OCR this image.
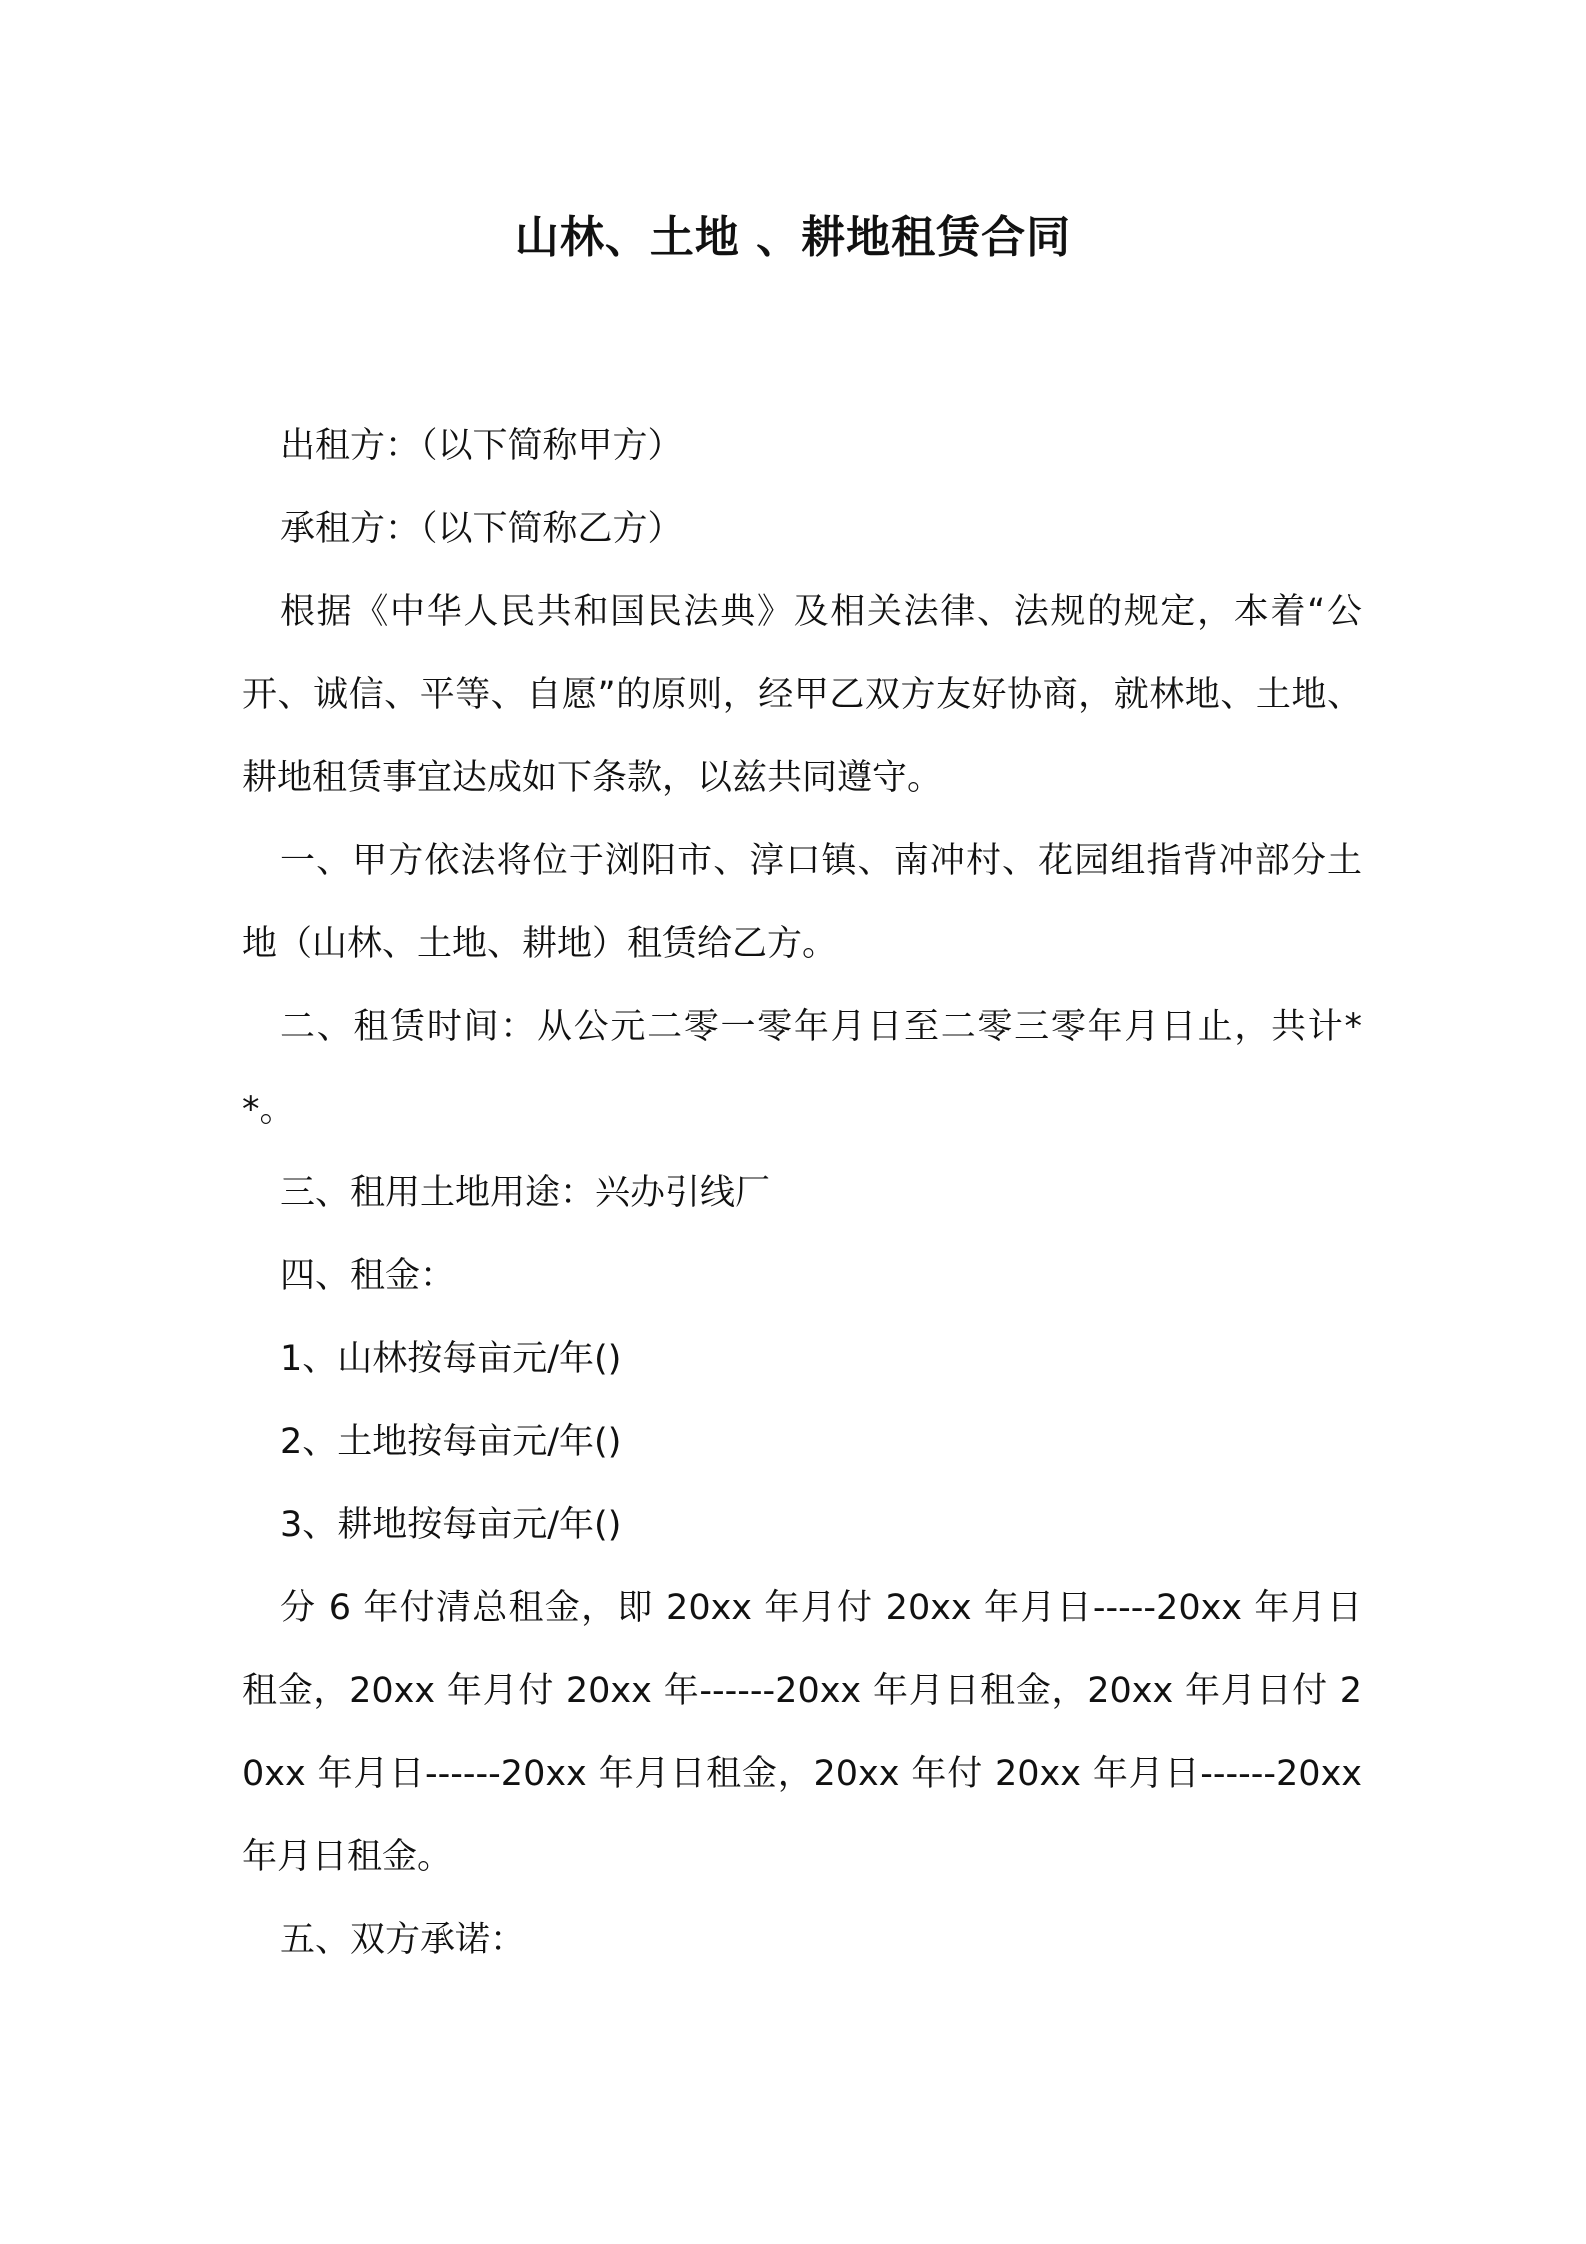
山林、土地 、耕地租赁合同

出租方：（以下简称甲方）

承租方：（以下简称乙方）

根据《中华人民共和国民法典》及相关法律、法规的规定，本着“公开、诚信、平等、自愿”的原则，经甲乙双方友好协商，就林地、土地、耕地租赁事宜达成如下条款，以兹共同遵守。

一、甲方依法将位于浏阳市、淳口镇、南冲村、花园组指背冲部分土地（山林、土地、耕地）租赁给乙方。

二、租赁时间：从公元二零一零年月日至二零三零年月日止，共计**。

三、租用土地用途：兴办引线厂

四、租金：

1、山林按每亩元/年()

2、土地按每亩元/年()

3、耕地按每亩元/年()

分 6 年付清总租金，即 20xx 年月付 20xx 年月日-----20xx 年月日租金，20xx 年月付 20xx 年------20xx 年月日租金，20xx 年月日付 20xx 年月日------20xx 年月日租金，20xx 年付 20xx 年月日------20xx 年月日租金。

五、双方承诺：
